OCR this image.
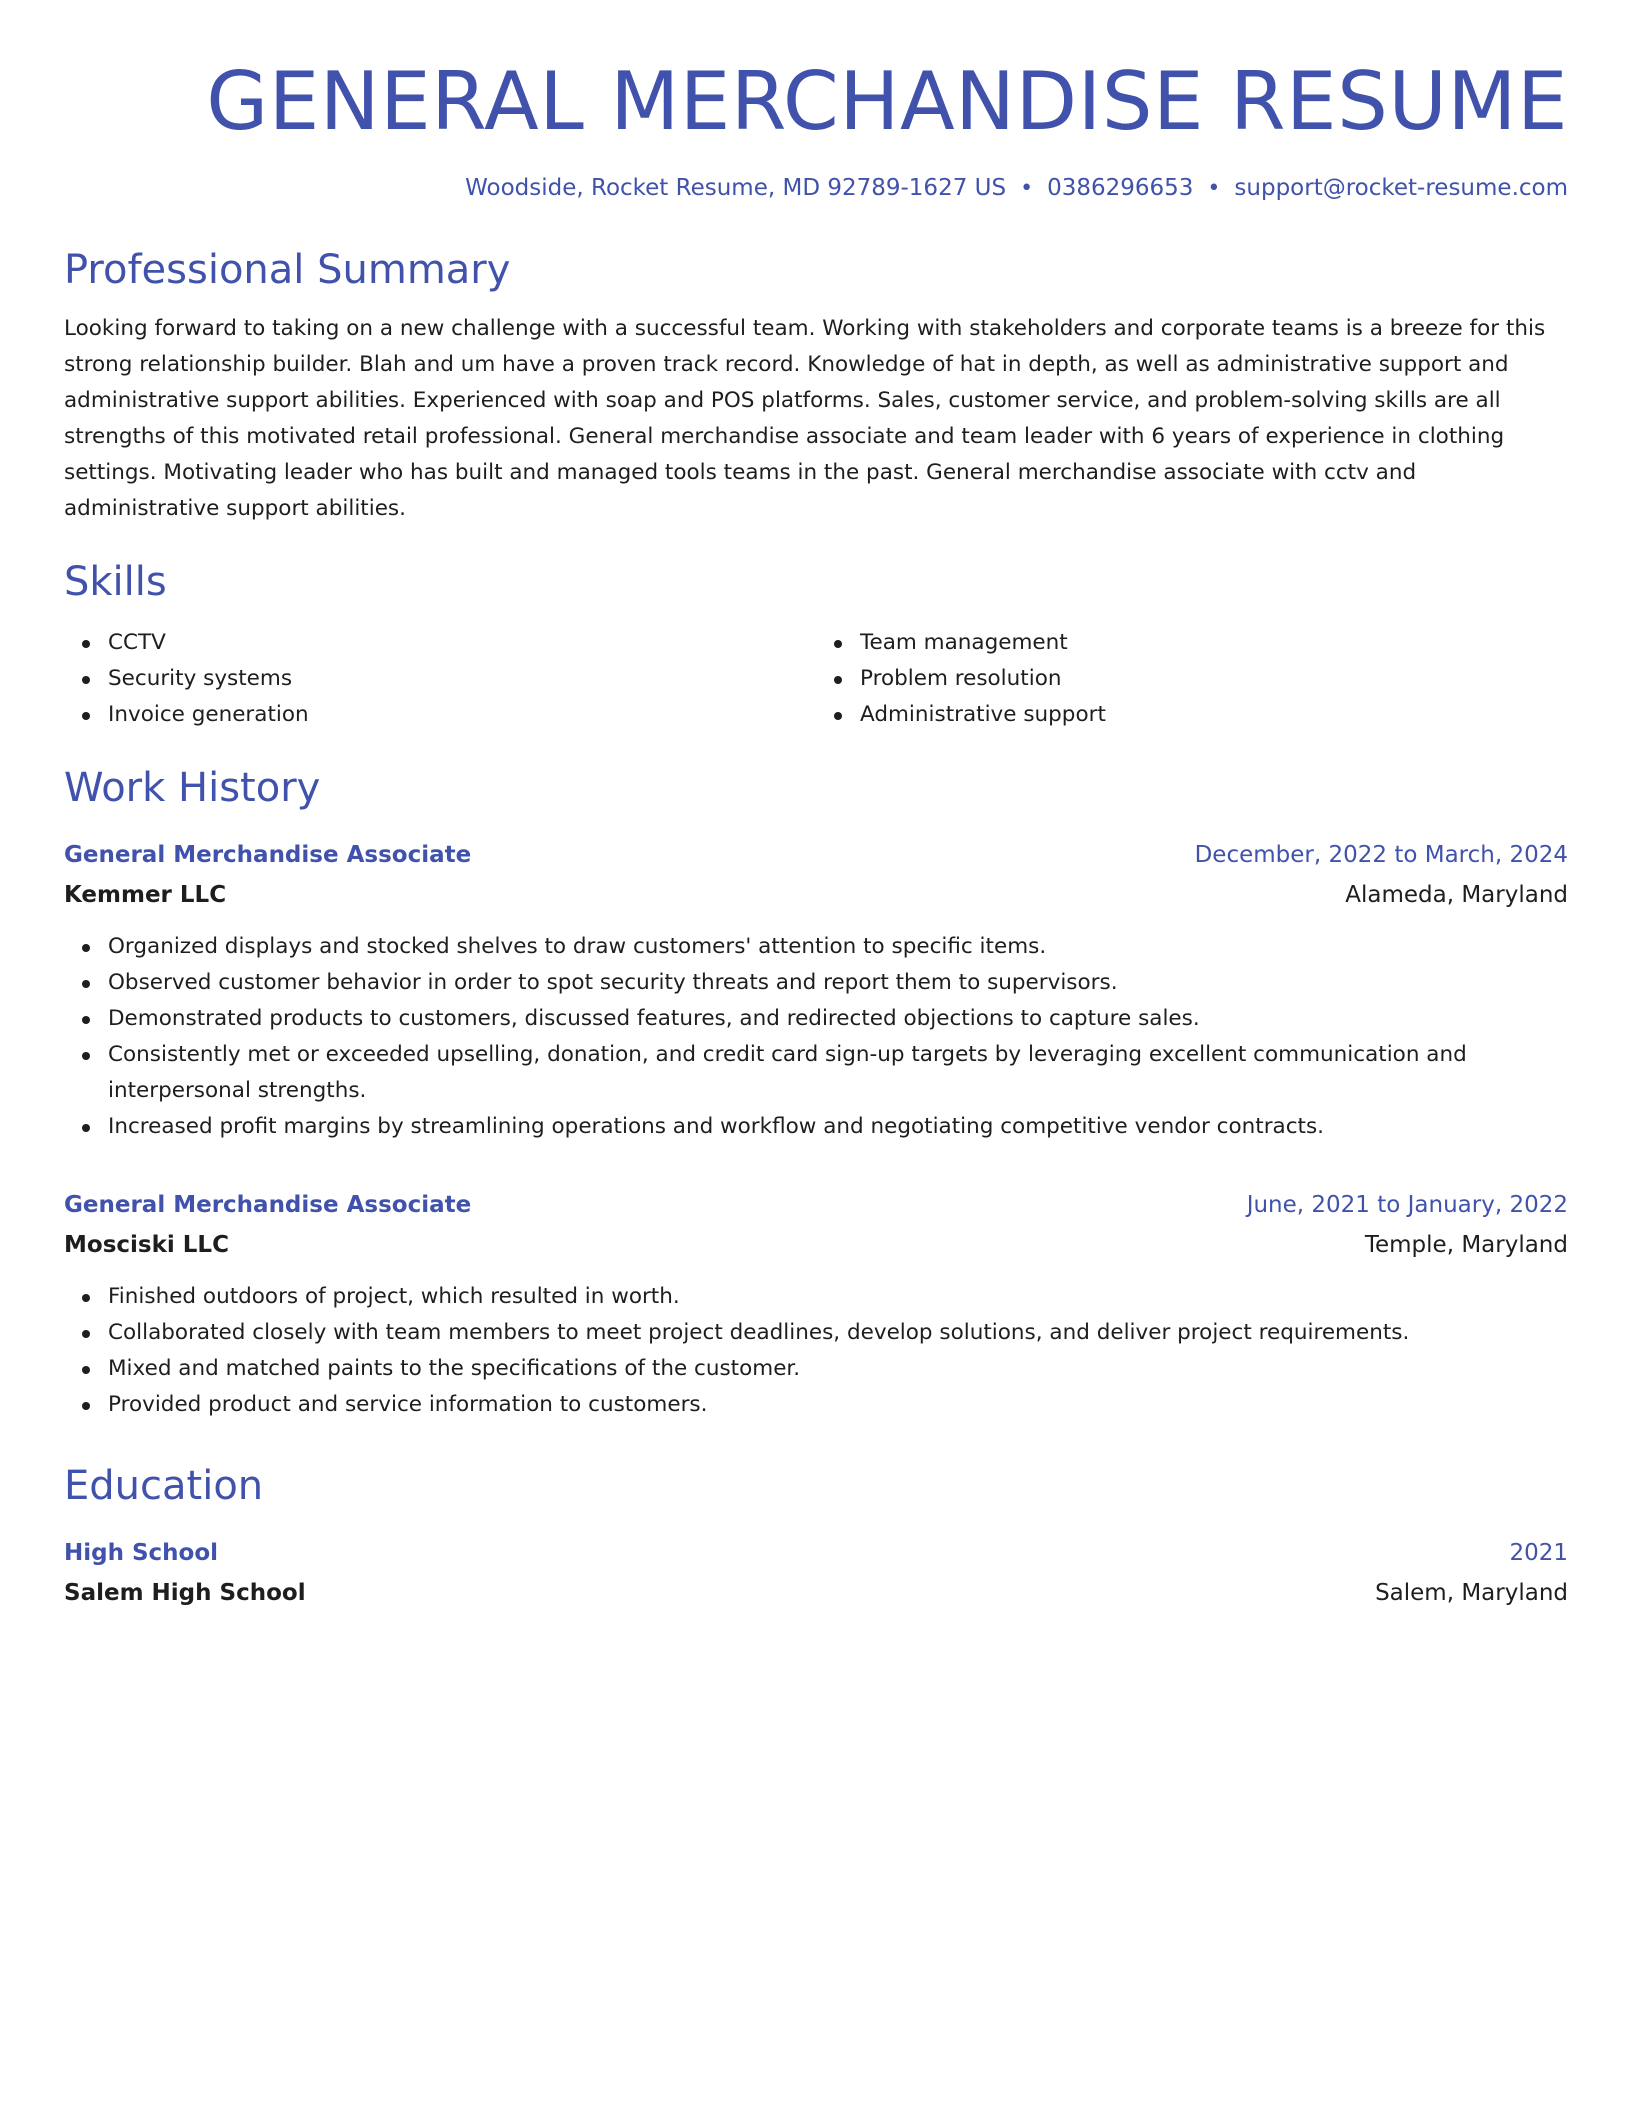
GENERAL MERCHANDISE RESUME
Woodside, Rocket Resume, MD 92789-1627 US • 0386296653 • support@rocket-resume.com
Professional Summary

Looking forward to taking on a new challenge with a successful team. Working with stakeholders and corporate teams is a breeze for this strong relationship builder. Blah and um have a proven track record. Knowledge of hat in depth, as well as administrative support and administrative support abilities. Experienced with soap and POS platforms. Sales, customer service, and problem-solving skills are all strengths of this motivated retail professional. General merchandise associate and team leader with 6 years of experience in clothing settings. Motivating leader who has built and managed tools teams in the past. General merchandise associate with cctv and administrative support abilities.

Skills
CCTV
Security systems
Invoice generation
Team management
Problem resolution
Administrative support
Work History
General Merchandise Associate	December, 2022 to March, 2024
Kemmer LLC	Alameda, Maryland
Organized displays and stocked shelves to draw customers' attention to specific items.
Observed customer behavior in order to spot security threats and report them to supervisors.
Demonstrated products to customers, discussed features, and redirected objections to capture sales.
Consistently met or exceeded upselling, donation, and credit card sign-up targets by leveraging excellent communication and interpersonal strengths.
Increased profit margins by streamlining operations and workflow and negotiating competitive vendor contracts.
General Merchandise Associate	June, 2021 to January, 2022
Mosciski LLC	Temple, Maryland
Finished outdoors of project, which resulted in worth.
Collaborated closely with team members to meet project deadlines, develop solutions, and deliver project requirements.
Mixed and matched paints to the specifications of the customer.
Provided product and service information to customers.
Education
High School	2021
Salem High School	Salem, Maryland
